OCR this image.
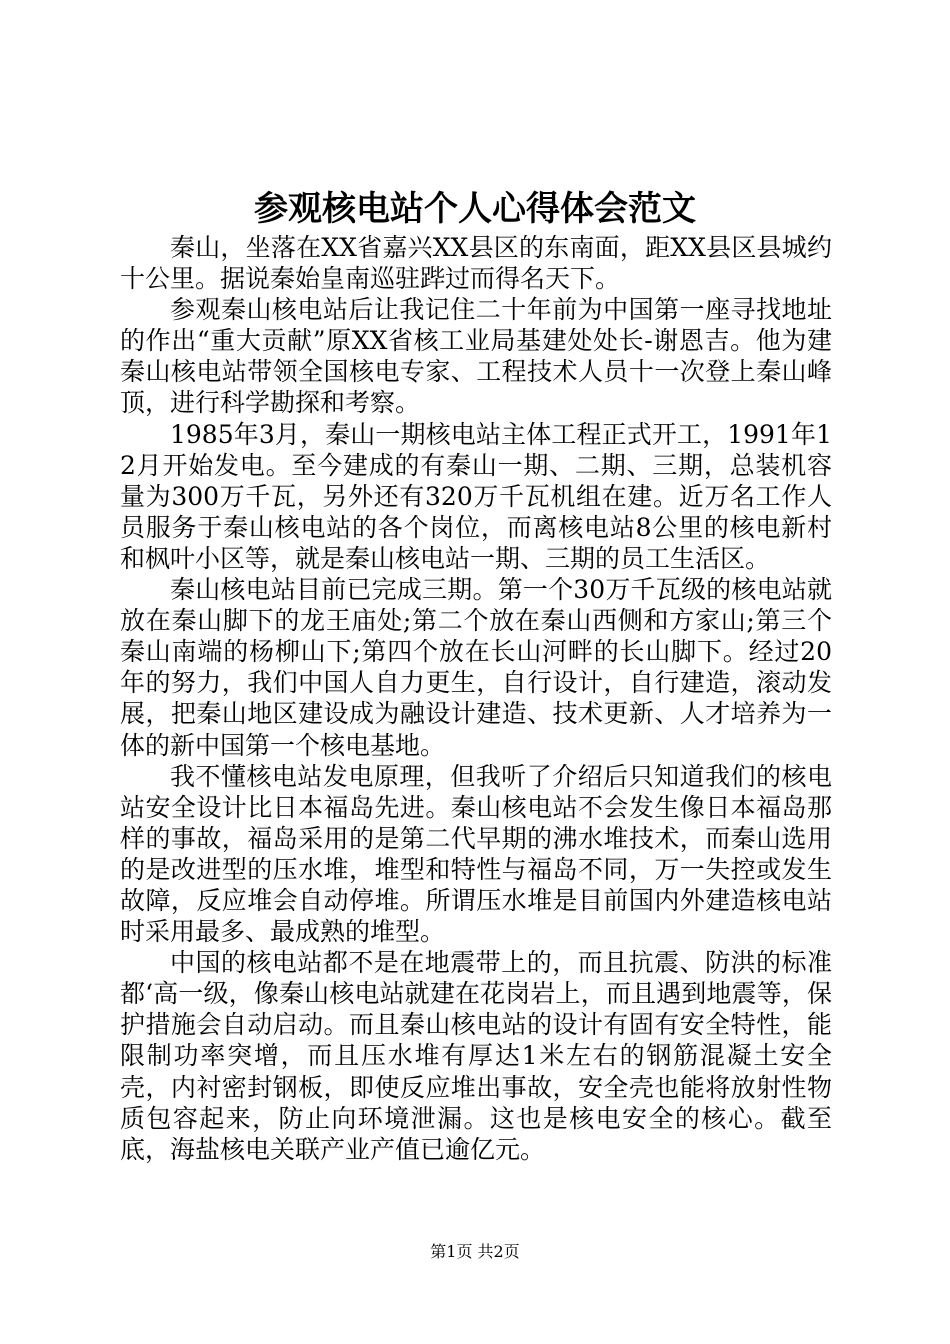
参观核电站个人心得体会范文

秦山，坐落在XX省嘉兴XX县区的东南面，距XX县区县城约十公里。据说秦始皇南巡驻跸过而得名天下。

参观秦山核电站后让我记住二十年前为中国第一座寻找地址的作出“重大贡献”原XX省核工业局基建处处长-谢恩吉。他为建秦山核电站带领全国核电专家、工程技术人员十一次登上秦山峰顶，进行科学勘探和考察。

1985年3月，秦山一期核电站主体工程正式开工，1991年12月开始发电。至今建成的有秦山一期、二期、三期，总装机容量为300万千瓦，另外还有320万千瓦机组在建。近万名工作人员服务于秦山核电站的各个岗位，而离核电站8公里的核电新村和枫叶小区等，就是秦山核电站一期、三期的员工生活区。

秦山核电站目前已完成三期。第一个30万千瓦级的核电站就放在秦山脚下的龙王庙处;第二个放在秦山西侧和方家山;第三个秦山南端的杨柳山下;第四个放在长山河畔的长山脚下。经过20年的努力，我们中国人自力更生，自行设计，自行建造，滚动发展，把秦山地区建设成为融设计建造、技术更新、人才培养为一体的新中国第一个核电基地。

我不懂核电站发电原理，但我听了介绍后只知道我们的核电站安全设计比日本福岛先进。秦山核电站不会发生像日本福岛那样的事故，福岛采用的是第二代早期的沸水堆技术，而秦山选用的是改进型的压水堆，堆型和特性与福岛不同，万一失控或发生故障，反应堆会自动停堆。所谓压水堆是目前国内外建造核电站时采用最多、最成熟的堆型。

中国的核电站都不是在地震带上的，而且抗震、防洪的标准都‘高一级，像秦山核电站就建在花岗岩上，而且遇到地震等，保护措施会自动启动。而且秦山核电站的设计有固有安全特性，能限制功率突增，而且压水堆有厚达1米左右的钢筋混凝土安全壳，内衬密封钢板，即使反应堆出事故，安全壳也能将放射性物质包容起来，防止向环境泄漏。这也是核电安全的核心。截至底，海盐核电关联产业产值已逾亿元。

第1页 共2页
